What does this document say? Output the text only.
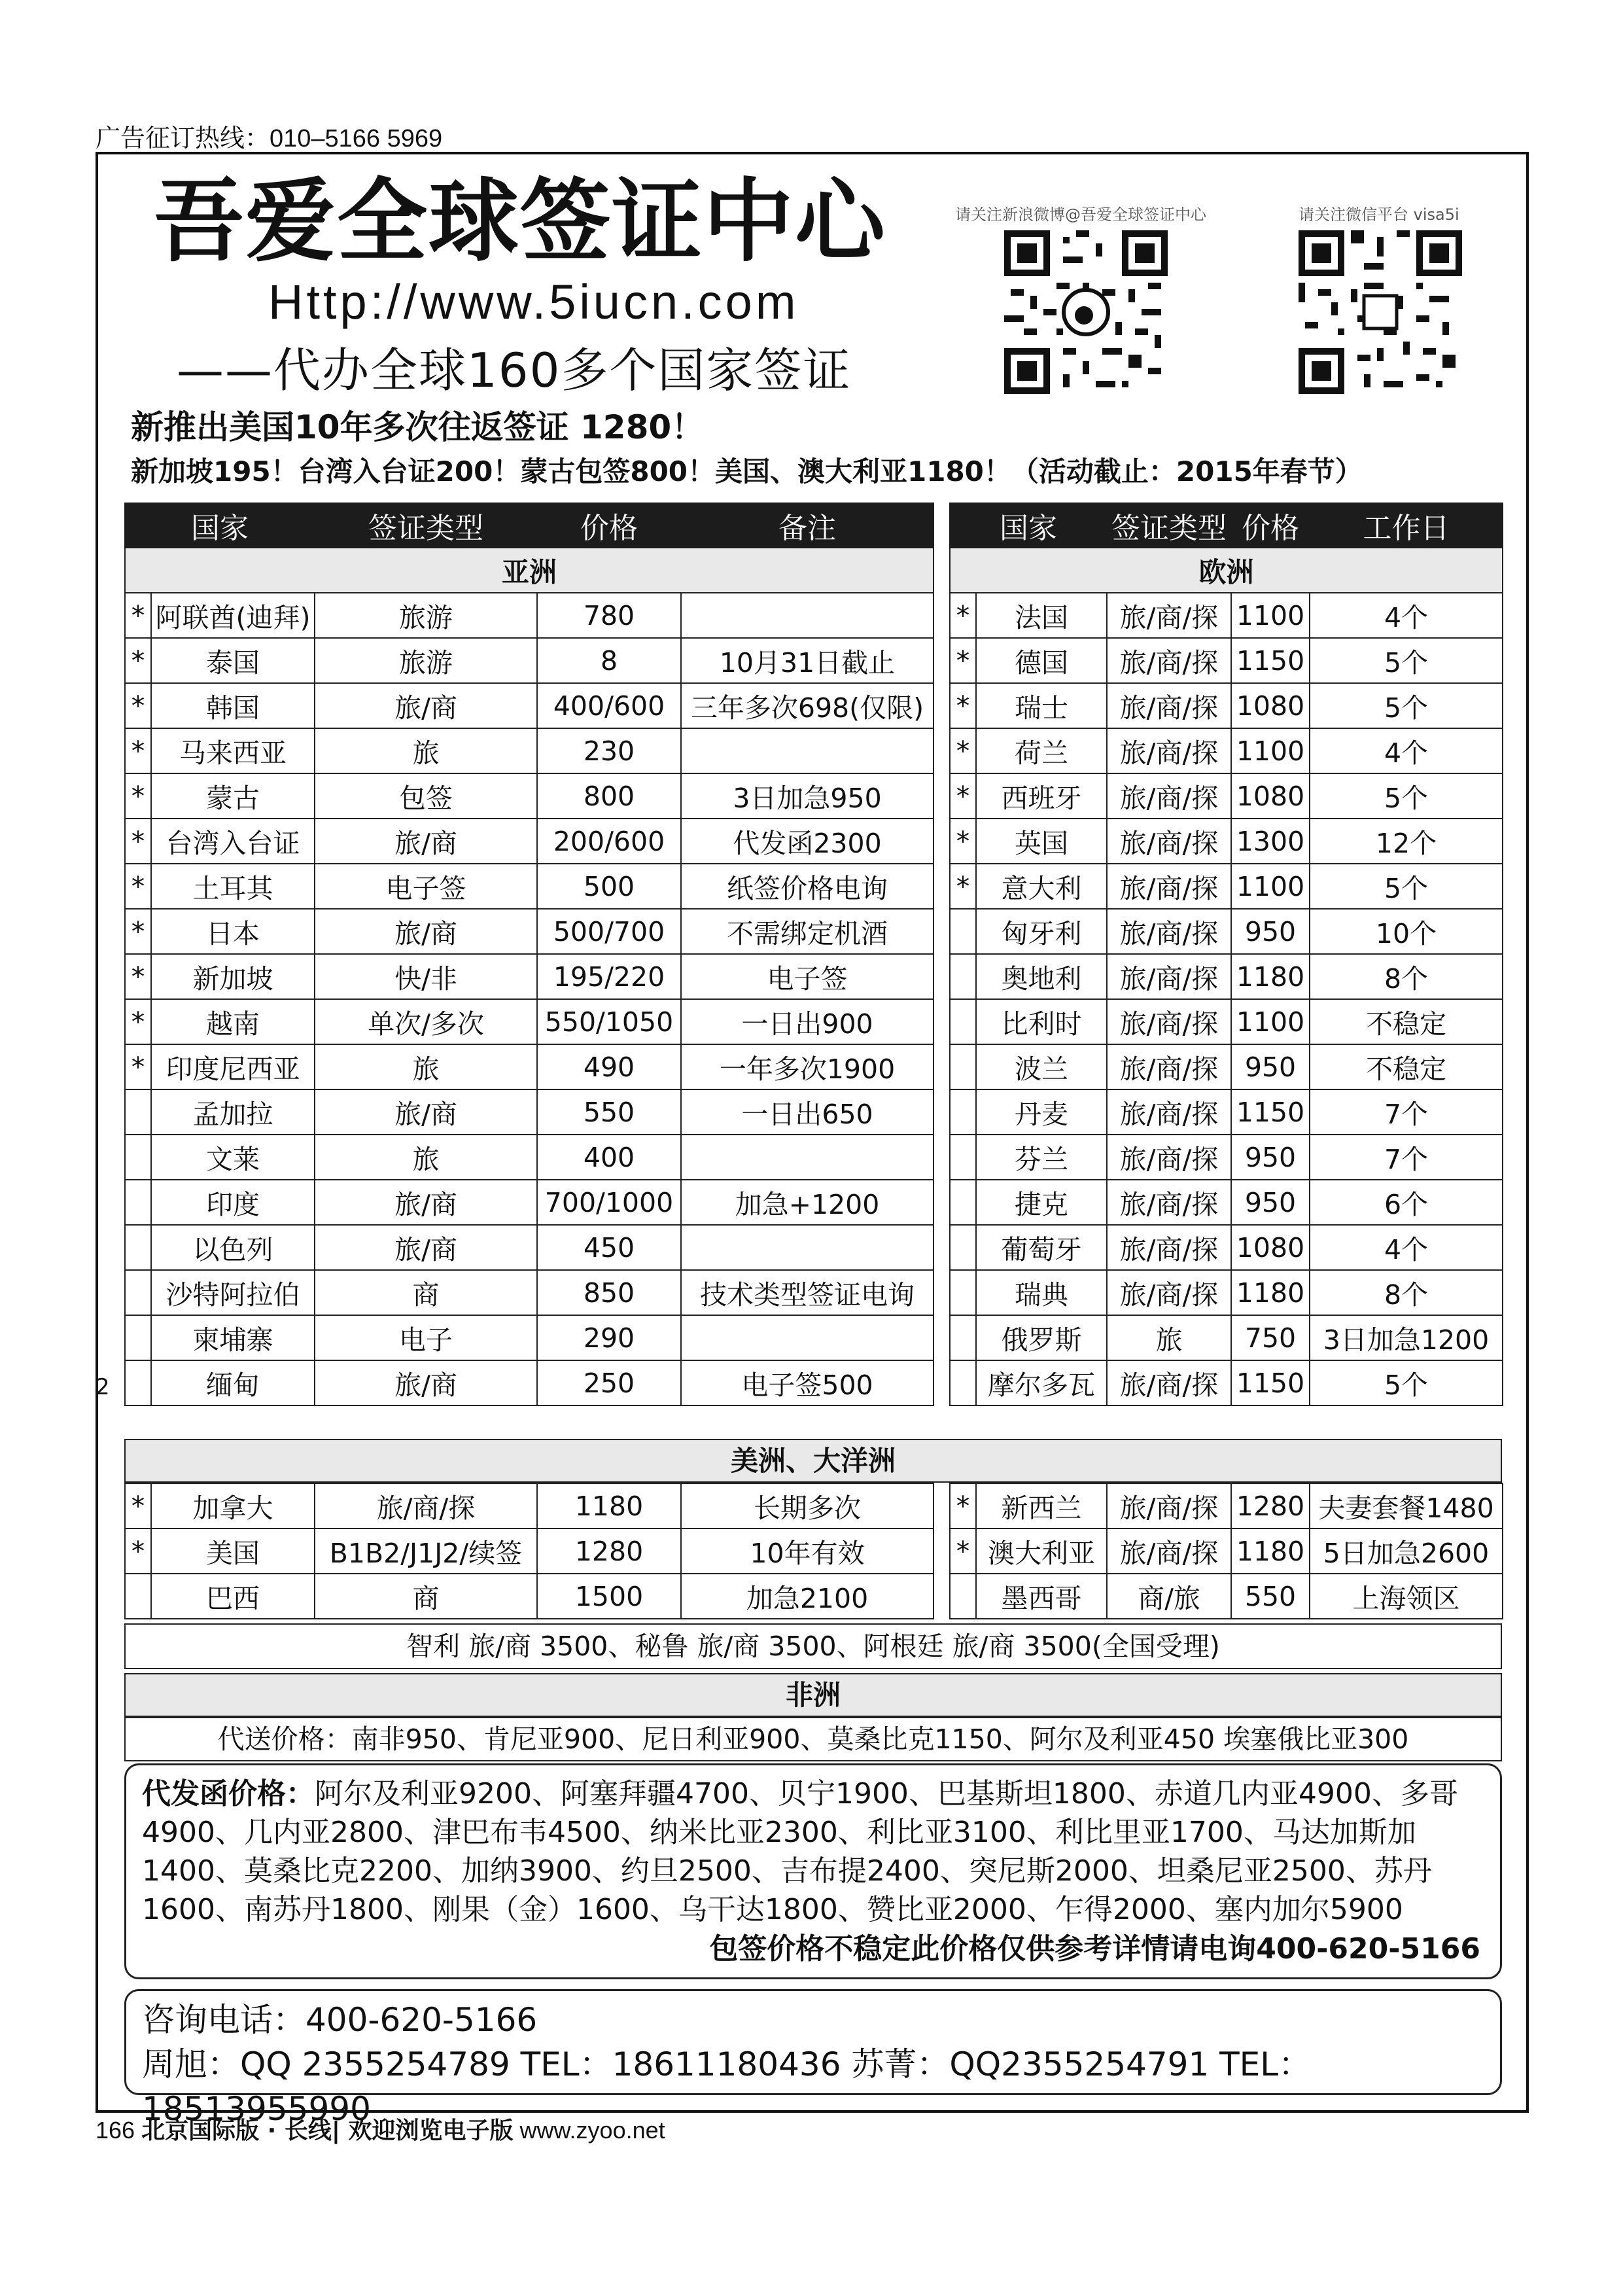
广告征订热线：010–5166 5969
2
吾爱全球签证中心
Http://www.5iucn.com
——代办全球160多个国家签证
请关注新浪微博@吾爱全球签证中心	请关注微信平台 visa5i
新推出美国10年多次往返签证 1280！
新加坡195！台湾入台证200！蒙古包签800！美国、澳大利亚1180！（活动截止：2015年春节）
国家		签证类型	价格	备注
亚洲				
*	阿联酋(迪拜)	旅游	780	
*	泰国	旅游	8	10月31日截止
*	韩国	旅/商	400/600	三年多次698(仅限)
*	马来西亚	旅	230	
*	蒙古	包签	800	3日加急950
*	台湾入台证	旅/商	200/600	代发函2300
*	土耳其	电子签	500	纸签价格电询
*	日本	旅/商	500/700	不需绑定机酒
*	新加坡	快/非	195/220	电子签
*	越南	单次/多次	550/1050	一日出900
*	印度尼西亚	旅	490	一年多次1900
	孟加拉	旅/商	550	一日出650
	文莱	旅	400	
	印度	旅/商	700/1000	加急+1200
	以色列	旅/商	450	
	沙特阿拉伯	商	850	技术类型签证电询
	柬埔寨	电子	290	
	缅甸	旅/商	250	电子签500
国家		签证类型	价格	工作日
欧洲				
*	法国	旅/商/探	1100	4个
*	德国	旅/商/探	1150	5个
*	瑞士	旅/商/探	1080	5个
*	荷兰	旅/商/探	1100	4个
*	西班牙	旅/商/探	1080	5个
*	英国	旅/商/探	1300	12个
*	意大利	旅/商/探	1100	5个
	匈牙利	旅/商/探	950	10个
	奥地利	旅/商/探	1180	8个
	比利时	旅/商/探	1100	不稳定
	波兰	旅/商/探	950	不稳定
	丹麦	旅/商/探	1150	7个
	芬兰	旅/商/探	950	7个
	捷克	旅/商/探	950	6个
	葡萄牙	旅/商/探	1080	4个
	瑞典	旅/商/探	1180	8个
	俄罗斯	旅	750	3日加急1200
	摩尔多瓦	旅/商/探	1150	5个
美洲、大洋洲
*	加拿大	旅/商/探	1180	长期多次
*	美国	B1B2/J1J2/续签	1280	10年有效
	巴西	商	1500	加急2100
*	新西兰	旅/商/探	1280	夫妻套餐1480
*	澳大利亚	旅/商/探	1180	5日加急2600
	墨西哥	商/旅	550	上海领区
智利 旅/商 3500、秘鲁 旅/商 3500、阿根廷 旅/商 3500(全国受理)
非洲
代送价格：南非950、肯尼亚900、尼日利亚900、莫桑比克1150、阿尔及利亚450 埃塞俄比亚300
代发函价格：阿尔及利亚9200、阿塞拜疆4700、贝宁1900、巴基斯坦1800、赤道几内亚4900、多哥4900、几内亚2800、津巴布韦4500、纳米比亚2300、利比亚3100、利比里亚1700、马达加斯加1400、莫桑比克2200、加纳3900、约旦2500、吉布提2400、突尼斯2000、坦桑尼亚2500、苏丹1600、南苏丹1800、刚果（金）1600、乌干达1800、赞比亚2000、乍得2000、塞内加尔5900
包签价格不稳定此价格仅供参考详情请电询400-620-5166
咨询电话：400-620-5166
周旭：QQ 2355254789 TEL：18611180436 苏菁：QQ2355254791 TEL：18513955990
166 北京国际版 · 长线| 欢迎浏览电子版 www.zyoo.net
